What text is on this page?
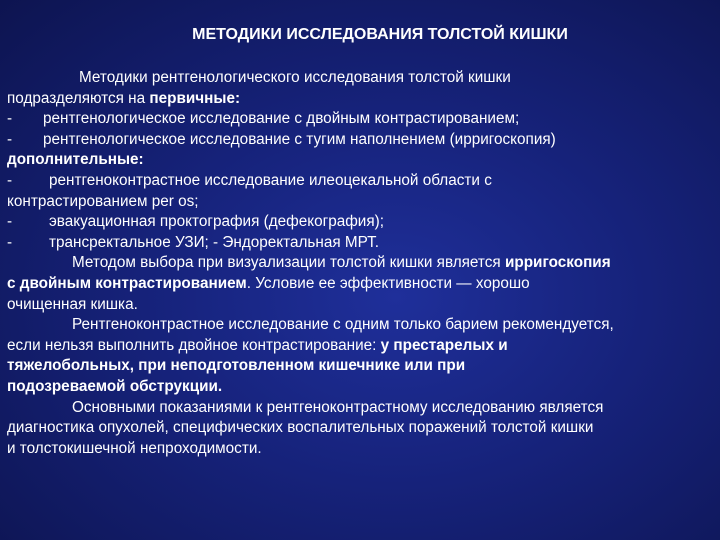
МЕТОДИКИ ИССЛЕДОВАНИЯ ТОЛСТОЙ КИШКИ
Методики рентгенологического исследования толстой кишки
подразделяются на первичные:
- рентгенологическое исследование с двойным контрастированием;
- рентгенологическое исследование с тугим наполнением (ирригоскопия)
дополнительные:
- рентгеноконтрастное исследование илеоцекальной области с
контрастированием per os;
- эвакуационная проктография (дефекография);
- трансректальное УЗИ; - Эндоректальная МРТ.
Методом выбора при визуализации толстой кишки является ирригоскопия
с двойным контрастированием. Условие ее эффективности — хорошо
очищенная кишка.
Рентгеноконтрастное исследование с одним только барием рекомендуется,
если нельзя выполнить двойное контрастирование: у престарелых и
тяжелобольных, при неподготовленном кишечнике или при
подозреваемой обструкции.
Основными показаниями к рентгеноконтрастному исследованию является
диагностика опухолей, специфических воспалительных поражений толстой кишки
и толстокишечной непроходимости.
